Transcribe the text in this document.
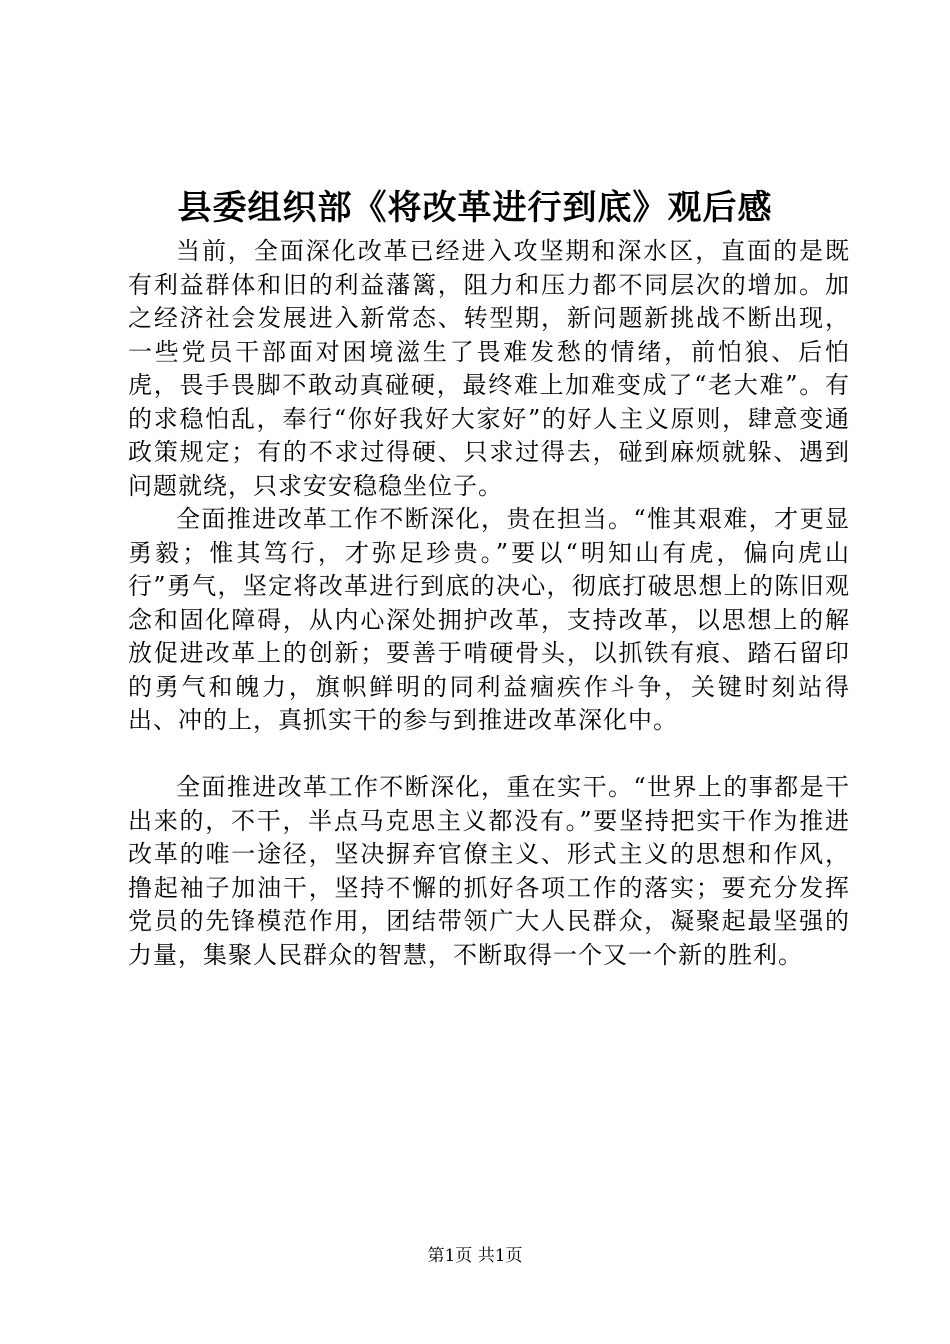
县委组织部《将改革进行到底》观后感

当前，全面深化改革已经进入攻坚期和深水区，直面的是既有利益群体和旧的利益藩篱，阻力和压力都不同层次的增加。加之经济社会发展进入新常态、转型期，新问题新挑战不断出现，一些党员干部面对困境滋生了畏难发愁的情绪，前怕狼、后怕虎，畏手畏脚不敢动真碰硬，最终难上加难变成了“老大难”。有的求稳怕乱，奉行“你好我好大家好”的好人主义原则，肆意变通政策规定；有的不求过得硬、只求过得去，碰到麻烦就躲、遇到问题就绕，只求安安稳稳坐位子。

全面推进改革工作不断深化，贵在担当。“惟其艰难，才更显勇毅；惟其笃行，才弥足珍贵。”要以“明知山有虎，偏向虎山行”勇气，坚定将改革进行到底的决心，彻底打破思想上的陈旧观念和固化障碍，从内心深处拥护改革，支持改革，以思想上的解放促进改革上的创新；要善于啃硬骨头，以抓铁有痕、踏石留印的勇气和魄力，旗帜鲜明的同利益痼疾作斗争，关键时刻站得出、冲的上，真抓实干的参与到推进改革深化中。

全面推进改革工作不断深化，重在实干。“世界上的事都是干出来的，不干，半点马克思主义都没有。”要坚持把实干作为推进改革的唯一途径，坚决摒弃官僚主义、形式主义的思想和作风，撸起袖子加油干，坚持不懈的抓好各项工作的落实；要充分发挥党员的先锋模范作用，团结带领广大人民群众，凝聚起最坚强的力量，集聚人民群众的智慧，不断取得一个又一个新的胜利。

第1页 共1页
